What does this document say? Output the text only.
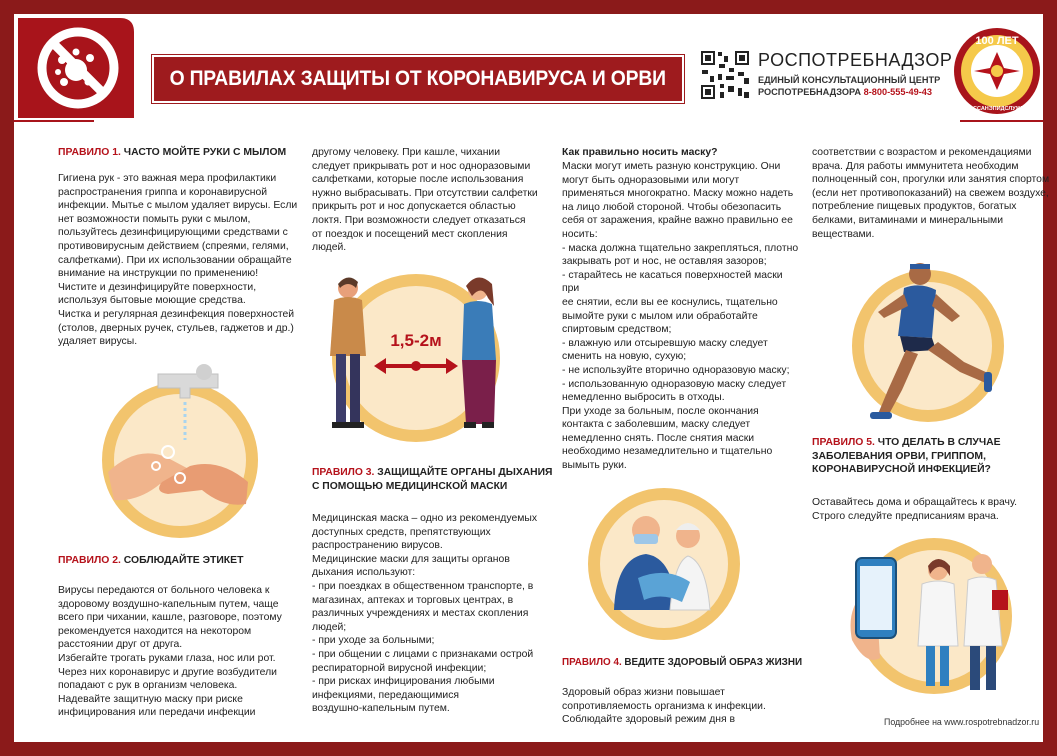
О ПРАВИЛАХ ЗАЩИТЫ ОТ КОРОНАВИРУСА И ОРВИ
РОСПОТРЕБНАДЗОР
ЕДИНЫЙ КОНСУЛЬТАЦИОННЫЙ ЦЕНТР
РОСПОТРЕБНАДЗОРА 8-800-555-49-43
100 ЛЕТ
ГОССАНЭПИДСЛУЖБА
ПРАВИЛО 1. ЧАСТО МОЙТЕ РУКИ С МЫЛОМ
Гигиена рук - это важная мера профилактики
распространения гриппа и коронавирусной
инфекции. Мытье с мылом удаляет вирусы. Если
нет возможности помыть руки с мылом,
пользуйтесь дезинфицирующими средствами с
противовирусным действием (спреями, гелями,
салфетками). При их использовании обращайте
внимание на инструкции по применению!
Чистите и дезинфицируйте поверхности,
используя бытовые моющие средства.
Чистка и регулярная дезинфекция поверхностей
(столов, дверных ручек, стульев, гаджетов и др.)
удаляет вирусы.
ПРАВИЛО 2. СОБЛЮДАЙТЕ ЭТИКЕТ
Вирусы передаются от больного человека к
здоровому воздушно-капельным путем, чаще
всего при чихании, кашле, разговоре, поэтому
рекомендуется находится на некотором
расстоянии друг от друга.
Избегайте трогать руками глаза, нос или рот.
Через них коронавирус и другие возбудители
попадают с рук в организм человека.
Надевайте защитную маску при риске
инфицирования или передачи инфекции
другому человеку. При кашле, чихании
следует прикрывать рот и нос одноразовыми
салфетками, которые после использования
нужно выбрасывать. При отсутствии салфетки
прикрыть рот и нос допускается областью
локтя. При возможности следует отказаться
от поездок и посещений мест скопления
людей.
1,5-2м
ПРАВИЛО 3. ЗАЩИЩАЙТЕ ОРГАНЫ ДЫХАНИЯ
С ПОМОЩЬЮ МЕДИЦИНСКОЙ МАСКИ
Медицинская маска – одно из рекомендуемых
доступных средств, препятствующих
распространению вирусов.
Медицинские маски для защиты органов
дыхания используют:
- при поездках в общественном транспорте, в
магазинах, аптеках и торговых центрах, в
различных учреждениях и местах скопления
людей;
- при уходе за больными;
- при общении с лицами с признаками острой
респираторной вирусной инфекции;
- при рисках инфицирования любыми
инфекциями, передающимися
воздушно-капельным путем.
Как правильно носить маску?
Маски могут иметь разную конструкцию. Они
могут быть одноразовыми или могут
применяться многократно. Маску можно надеть
на лицо любой стороной. Чтобы обезопасить
себя от заражения, крайне важно правильно ее
носить:
- маска должна тщательно закрепляться, плотно
закрывать рот и нос, не оставляя зазоров;
- старайтесь не касаться поверхностей маски при
ее снятии, если вы ее коснулись, тщательно
вымойте руки с мылом или обработайте
спиртовым средством;
- влажную или отсыревшую маску следует
сменить на новую, сухую;
- не используйте вторично одноразовую маску;
- использованную одноразовую маску следует
немедленно выбросить в отходы.
При уходе за больным, после окончания
контакта с заболевшим, маску следует
немедленно снять. После снятия маски
необходимо незамедлительно и тщательно
вымыть руки.
ПРАВИЛО 4. ВЕДИТЕ ЗДОРОВЫЙ ОБРАЗ ЖИЗНИ
Здоровый образ жизни повышает
сопротивляемость организма к инфекции.
Соблюдайте здоровый режим дня в
соответствии с возрастом и рекомендациями
врача. Для работы иммунитета необходим
полноценный сон, прогулки или занятия спортом
(если нет противопоказаний) на свежем воздухе,
потребление пищевых продуктов, богатых
белками, витаминами и минеральными
веществами.
ПРАВИЛО 5. ЧТО ДЕЛАТЬ В СЛУЧАЕ
ЗАБОЛЕВАНИЯ ОРВИ, ГРИППОМ,
КОРОНАВИРУСНОЙ ИНФЕКЦИЕЙ?
Оставайтесь дома и обращайтесь к врачу.
Строго следуйте предписаниям врача.
Подробнее на www.rospotrebnadzor.ru
